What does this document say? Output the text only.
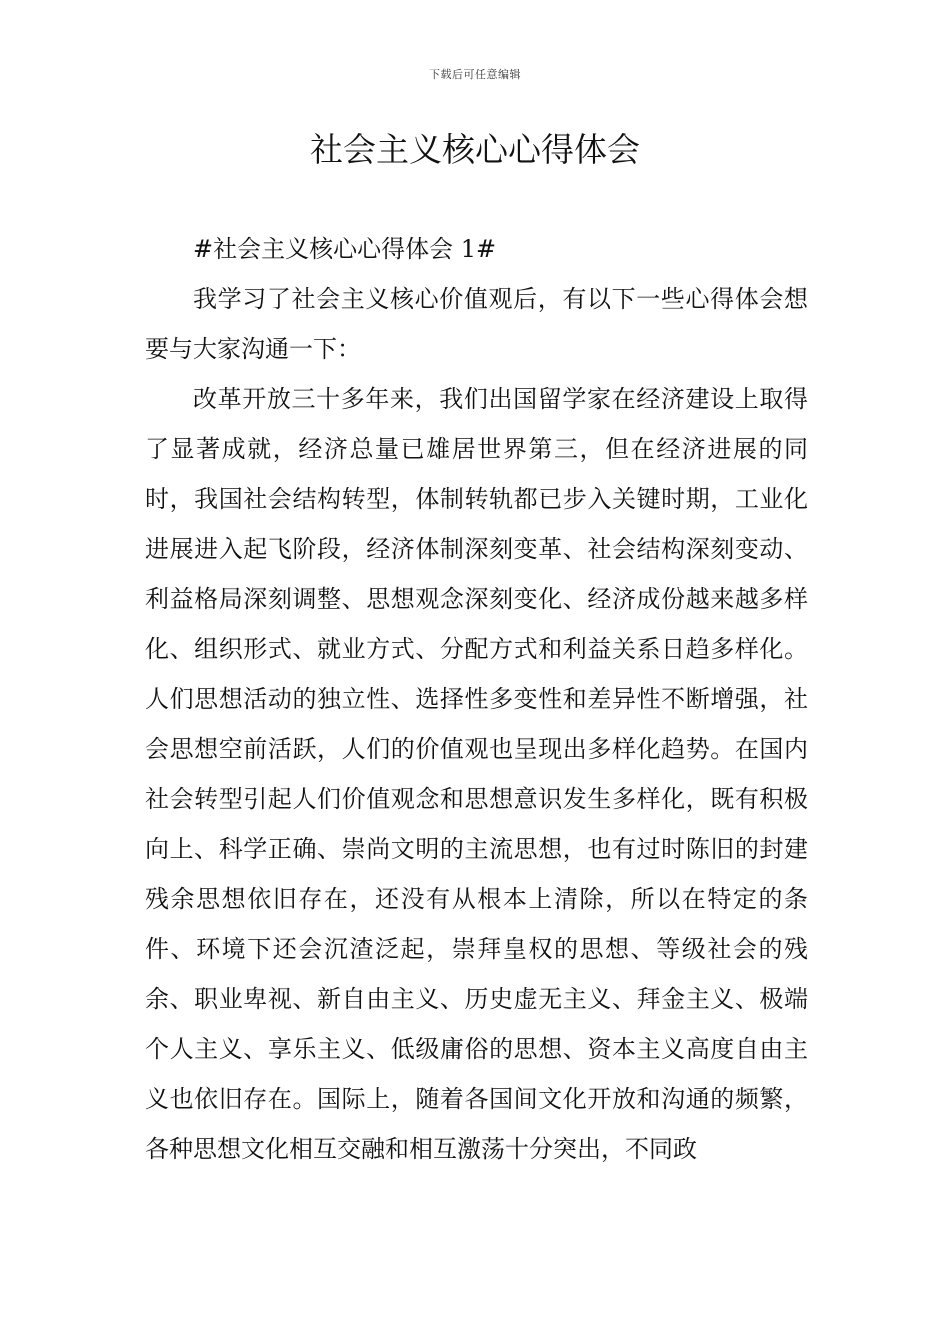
下载后可任意编辑
社会主义核心心得体会

#社会主义核心心得体会 1#

我学习了社会主义核心价值观后，有以下一些心得体会想要与大家沟通一下：

改革开放三十多年来，我们出国留学家在经济建设上取得了显著成就，经济总量已雄居世界第三，但在经济进展的同时，我国社会结构转型，体制转轨都已步入关键时期，工业化进展进入起飞阶段，经济体制深刻变革、社会结构深刻变动、利益格局深刻调整、思想观念深刻变化、经济成份越来越多样化、组织形式、就业方式、分配方式和利益关系日趋多样化。人们思想活动的独立性、选择性多变性和差异性不断增强，社会思想空前活跃，人们的价值观也呈现出多样化趋势。在国内社会转型引起人们价值观念和思想意识发生多样化，既有积极向上、科学正确、崇尚文明的主流思想，也有过时陈旧的封建残余思想依旧存在，还没有从根本上清除，所以在特定的条件、环境下还会沉渣泛起，崇拜皇权的思想、等级社会的残余、职业卑视、新自由主义、历史虚无主义、拜金主义、极端个人主义、享乐主义、低级庸俗的思想、资本主义高度自由主义也依旧存在。国际上，随着各国间文化开放和沟通的频繁，各种思想文化相互交融和相互激荡十分突出，不同政
